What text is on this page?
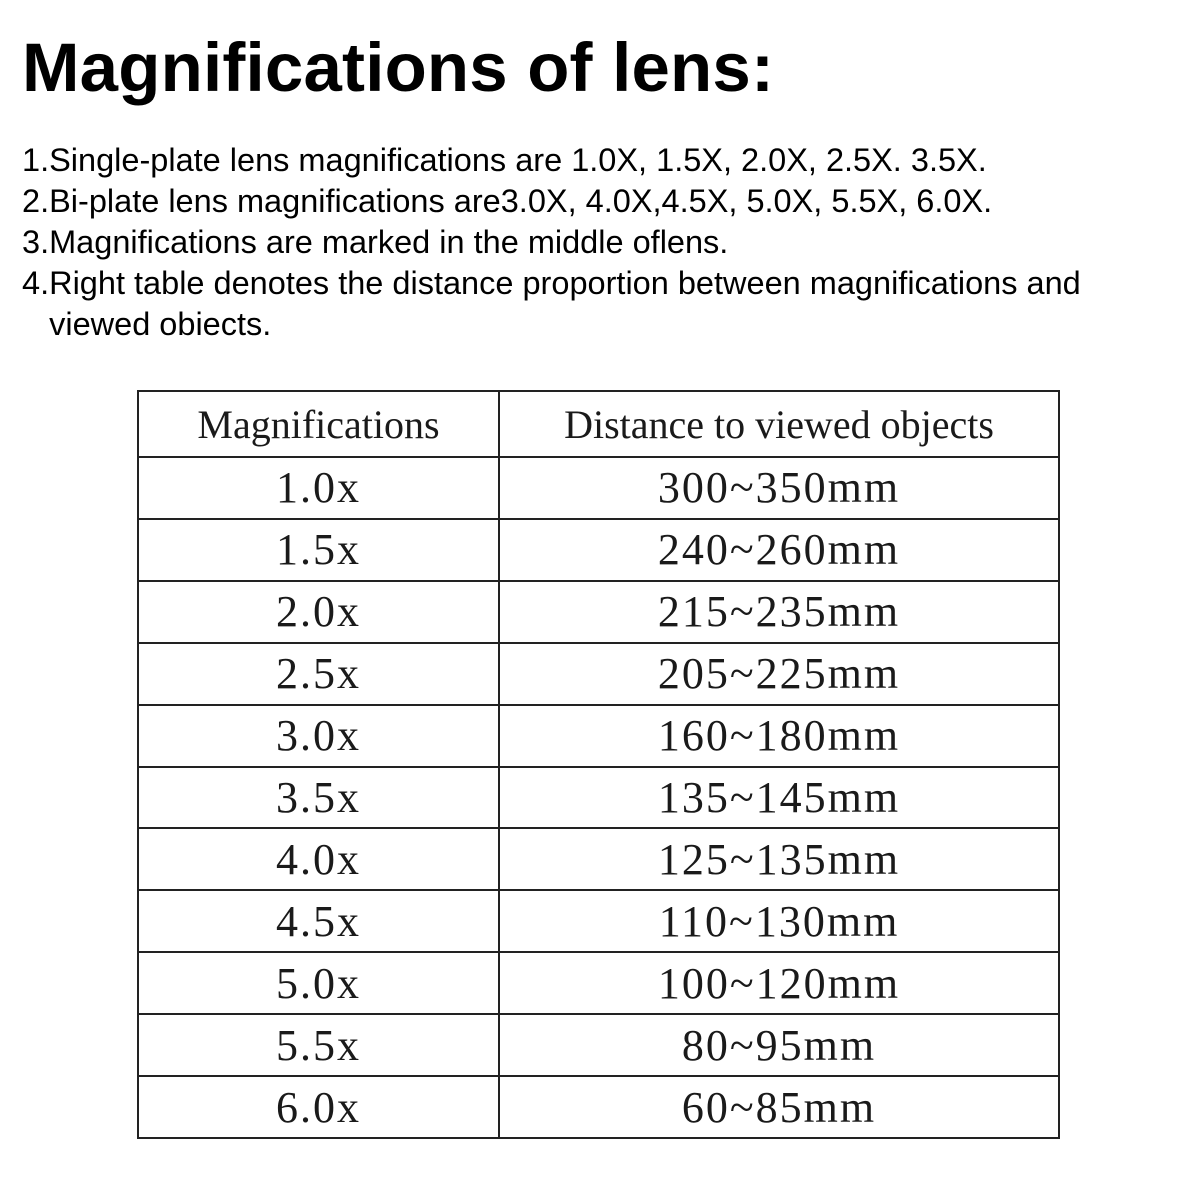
Magnifications of lens:
1. Single-plate lens magnifications are 1.0X, 1.5X, 2.0X, 2.5X. 3.5X.
2. Bi-plate lens magnifications are3.0X, 4.0X,4.5X, 5.0X, 5.5X, 6.0X.
3. Magnifications are marked in the middle oflens.
4. Right table denotes the distance proportion between magnifications and viewed obiects.
Magnifications	Distance to viewed objects
1.0x	300~350mm
1.5x	240~260mm
2.0x	215~235mm
2.5x	205~225mm
3.0x	160~180mm
3.5x	135~145mm
4.0x	125~135mm
4.5x	110~130mm
5.0x	100~120mm
5.5x	80~95mm
6.0x	60~85mm
